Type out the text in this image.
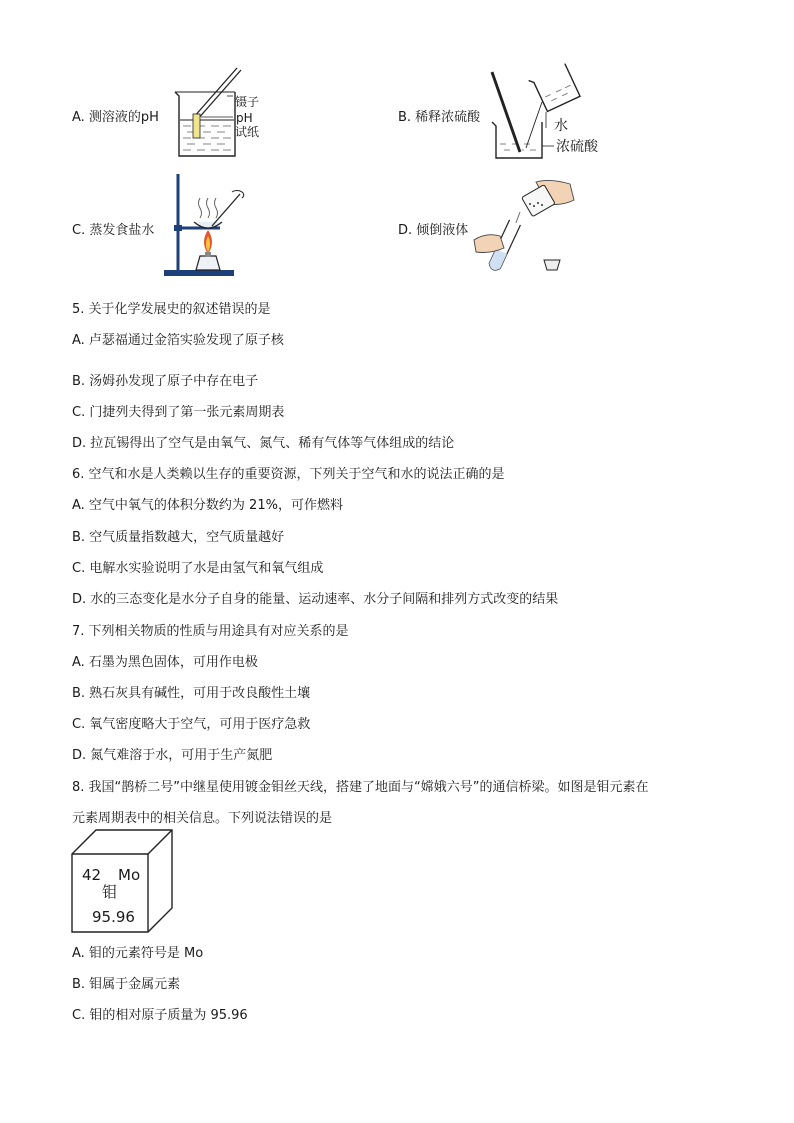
A. 测溶液的pH
镊子
pH
试纸
B. 稀释浓硫酸
水
浓硫酸
C. 蒸发食盐水	D. 倾倒液体
5. 关于化学发展史的叙述错误的是
A. 卢瑟福通过金箔实验发现了原子核
B. 汤姆孙发现了原子中存在电子
C. 门捷列夫得到了第一张元素周期表
D. 拉瓦锡得出了空气是由氧气、氮气、稀有气体等气体组成的结论
6. 空气和水是人类赖以生存的重要资源，下列关于空气和水的说法正确的是
A. 空气中氧气的体积分数约为 21%，可作燃料
B. 空气质量指数越大，空气质量越好
C. 电解水实验说明了水是由氢气和氧气组成
D. 水的三态变化是水分子自身的能量、运动速率、水分子间隔和排列方式改变的结果
7. 下列相关物质的性质与用途具有对应关系的是
A. 石墨为黑色固体，可用作电极
B. 熟石灰具有碱性，可用于改良酸性土壤
C. 氧气密度略大于空气，可用于医疗急救
D. 氮气难溶于水，可用于生产氮肥
8. 我国“鹊桥二号”中继星使用镀金钼丝天线，搭建了地面与“嫦娥六号”的通信桥梁。如图是钼元素在
元素周期表中的相关信息。下列说法错误的是
42 Mo
钼
95.96
A. 钼的元素符号是 Mo
B. 钼属于金属元素
C. 钼的相对原子质量为 95.96
